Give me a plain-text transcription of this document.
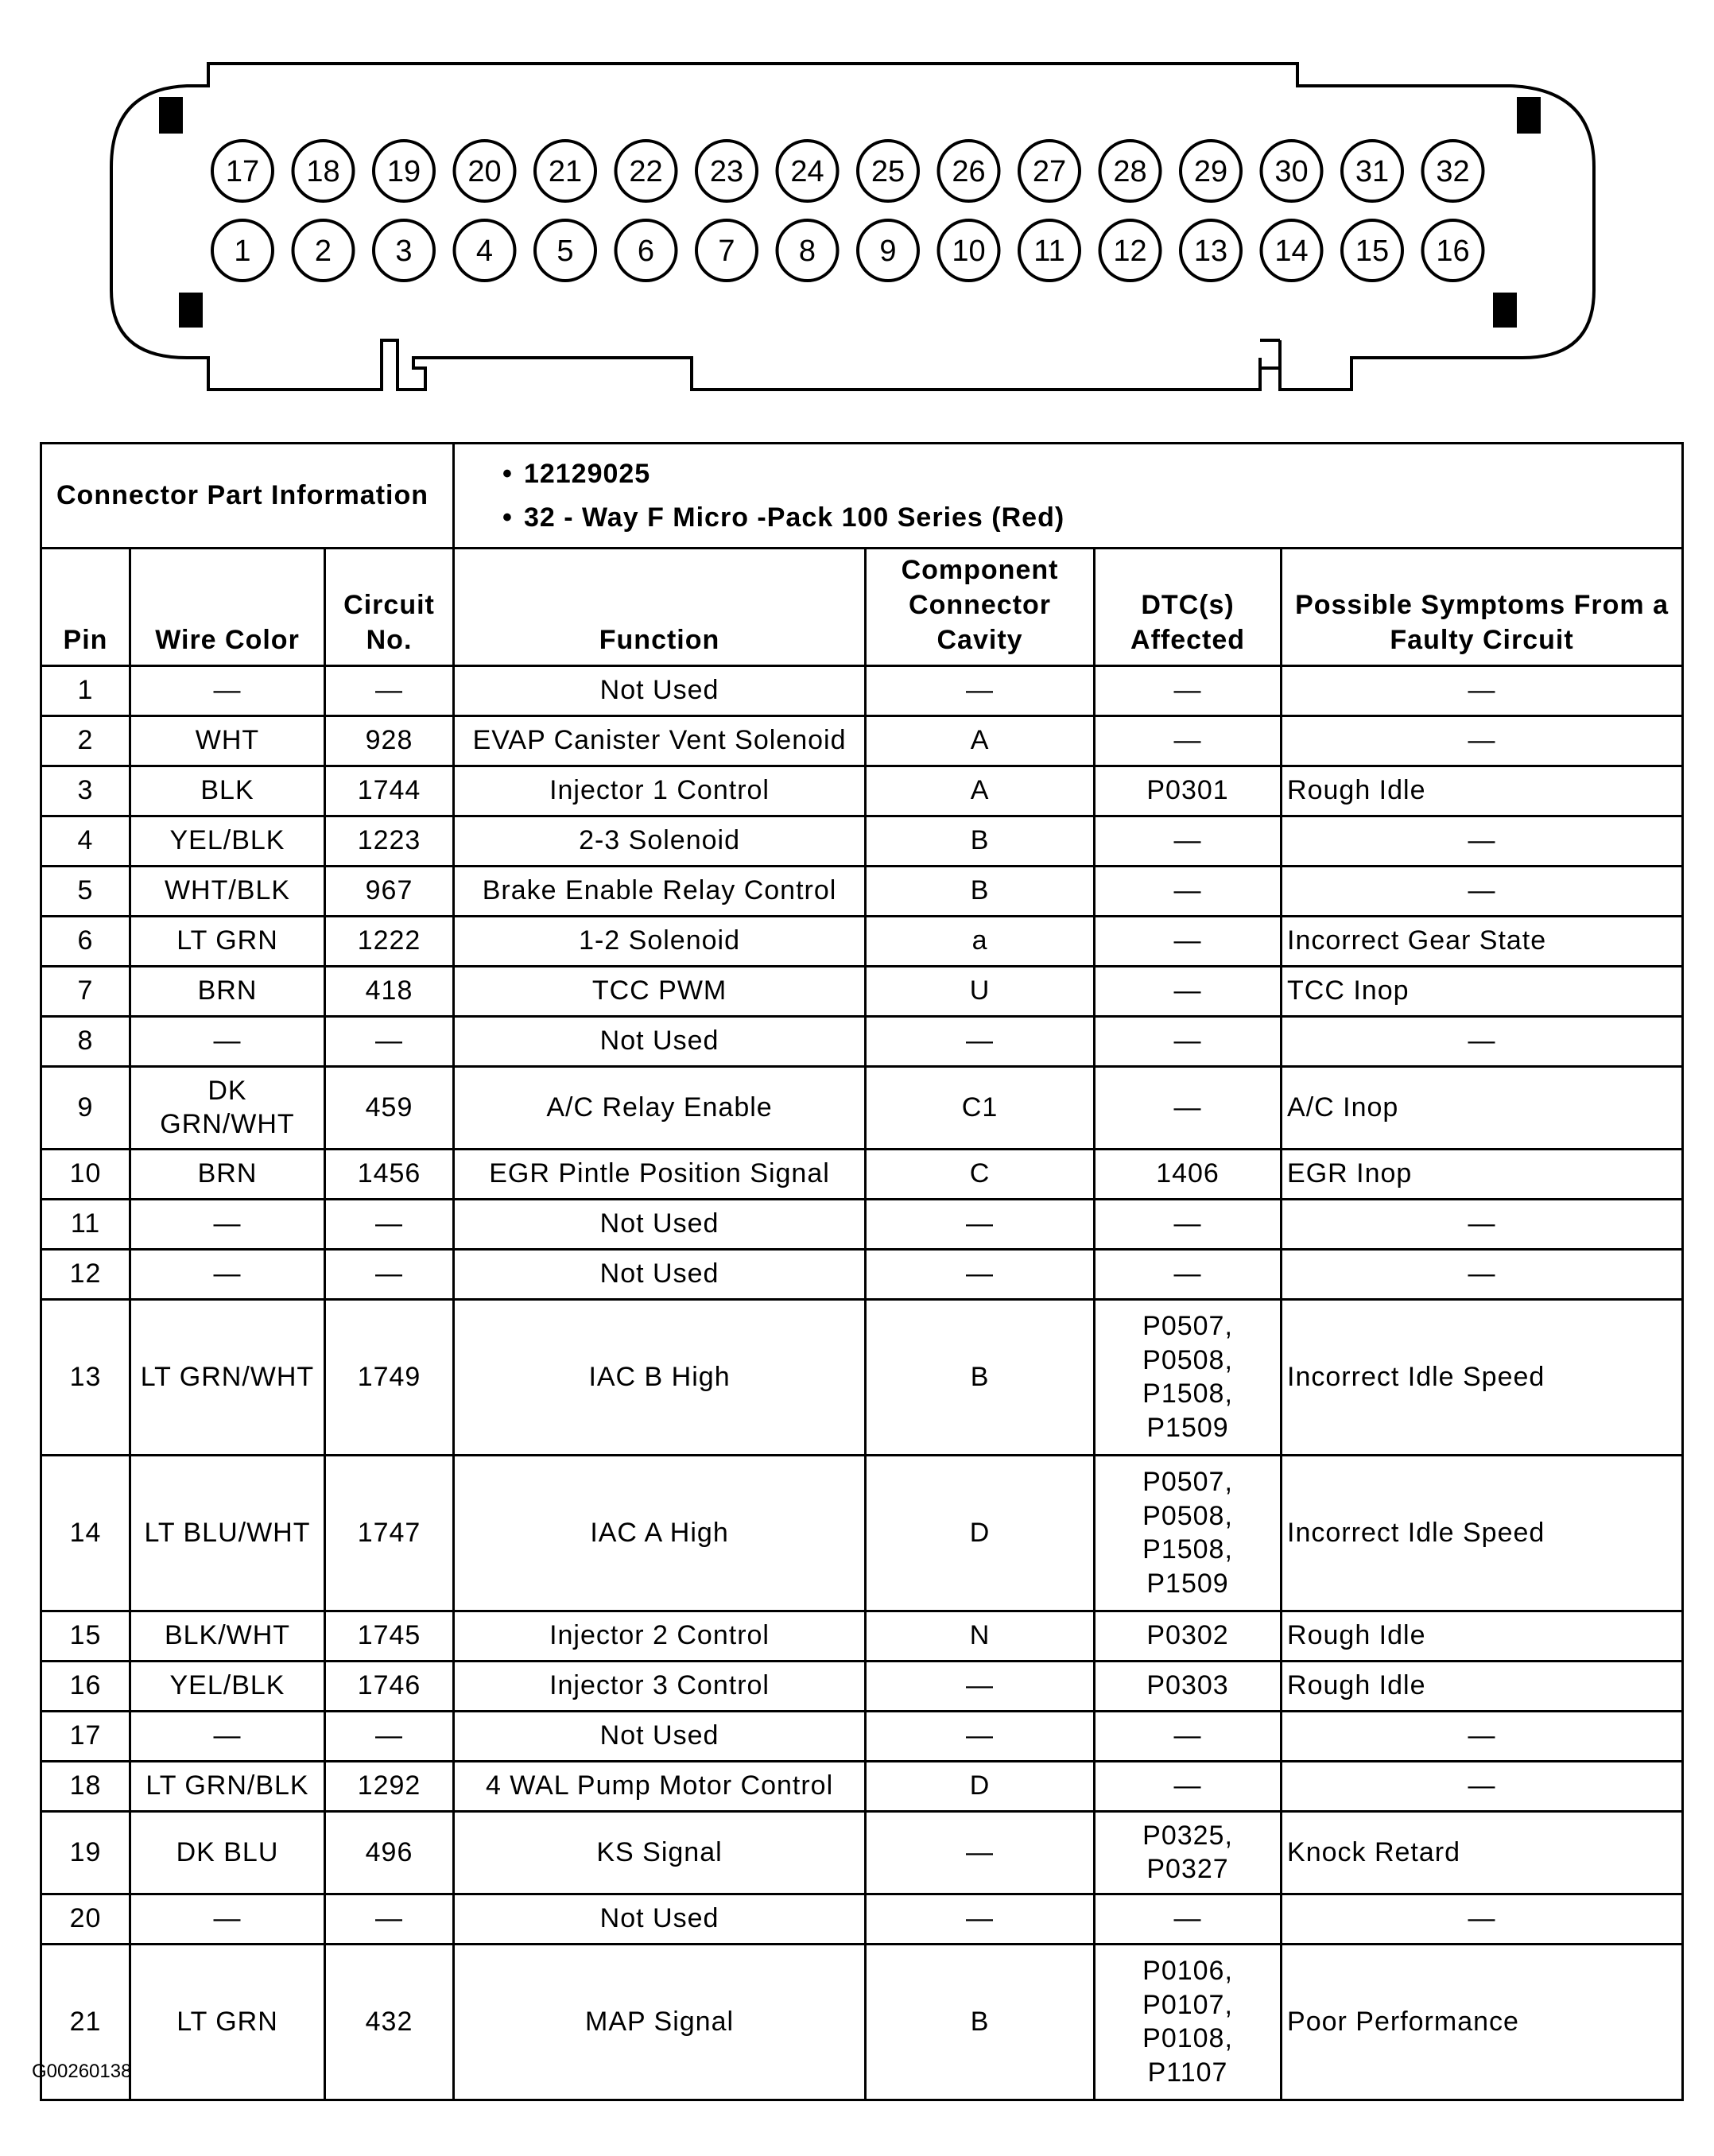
17 18 19 20 21 22 23 24 25 26 27 28 29 30 31 32
1 2 3 4 5 6 7 8 9 10 11 12 13 14 15 16
Connector Part Information			• 12129025
• 32 - Way F Micro -Pack 100 Series (Red)			

Pin	Wire Color	Circuit No.	Function	Component Connector Cavity	DTC(s) Affected	Possible Symptoms From a Faulty Circuit
1	—	—	Not Used	—	—	—
2	WHT	928	EVAP Canister Vent Solenoid	A	—	—
3	BLK	1744	Injector 1 Control	A	P0301	Rough Idle
4	YEL/BLK	1223	2-3 Solenoid	B	—	—
5	WHT/BLK	967	Brake Enable Relay Control	B	—	—
6	LT GRN	1222	1-2 Solenoid	a	—	Incorrect Gear State
7	BRN	418	TCC PWM	U	—	TCC Inop
8	—	—	Not Used	—	—	—
9	DK GRN/WHT	459	A/C Relay Enable	C1	—	A/C Inop
10	BRN	1456	EGR Pintle Position Signal	C	1406	EGR Inop
11	—	—	Not Used	—	—	—
12	—	—	Not Used	—	—	—
13	LT GRN/WHT	1749	IAC B High	B	P0507, P0508, P1508, P1509	Incorrect Idle Speed
14	LT BLU/WHT	1747	IAC A High	D	P0507, P0508, P1508, P1509	Incorrect Idle Speed
15	BLK/WHT	1745	Injector 2 Control	N	P0302	Rough Idle
16	YEL/BLK	1746	Injector 3 Control	—	P0303	Rough Idle
17	—	—	Not Used	—	—	—
18	LT GRN/BLK	1292	4 WAL Pump Motor Control	D	—	—
19	DK BLU	496	KS Signal	—	P0325, P0327	Knock Retard
20	—	—	Not Used	—	—	—
21	LT GRN	432	MAP Signal	B	P0106, P0107, P0108, P1107	Poor Performance
G00260138
